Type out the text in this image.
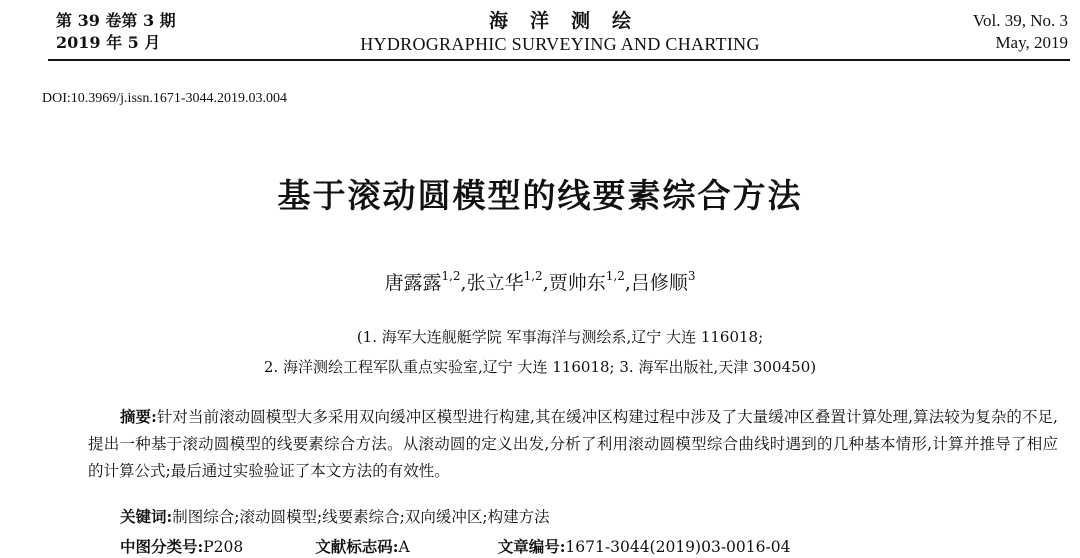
第 39 卷第 3 期
2019 年 5 月
海洋测绘
HYDROGRAPHIC SURVEYING AND CHARTING
Vol. 39, No. 3
May, 2019
DOI:10.3969/j.issn.1671-3044.2019.03.004
基于滚动圆模型的线要素综合方法
唐露露$^{1,2}$,张立华$^{1,2}$,贾帅东$^{1,2}$,吕修顺$^3$
(1. 海军大连舰艇学院 军事海洋与测绘系,辽宁 大连 116018;
2. 海洋测绘工程军队重点实验室,辽宁 大连 116018; 3. 海军出版社,天津 300450)
摘要:针对当前滚动圆模型大多采用双向缓冲区模型进行构建,其在缓冲区构建过程中涉及了大量缓冲区叠置计算处理,算法较为复杂的不足,提出一种基于滚动圆模型的线要素综合方法。从滚动圆的定义出发,分析了利用滚动圆模型综合曲线时遇到的几种基本情形,计算并推导了相应的计算公式;最后通过实验验证了本文方法的有效性。
关键词:制图综合;滚动圆模型;线要素综合;双向缓冲区;构建方法
中图分类号:P208	文献标志码:A	文章编号:1671-3044(2019)03-0016-04
